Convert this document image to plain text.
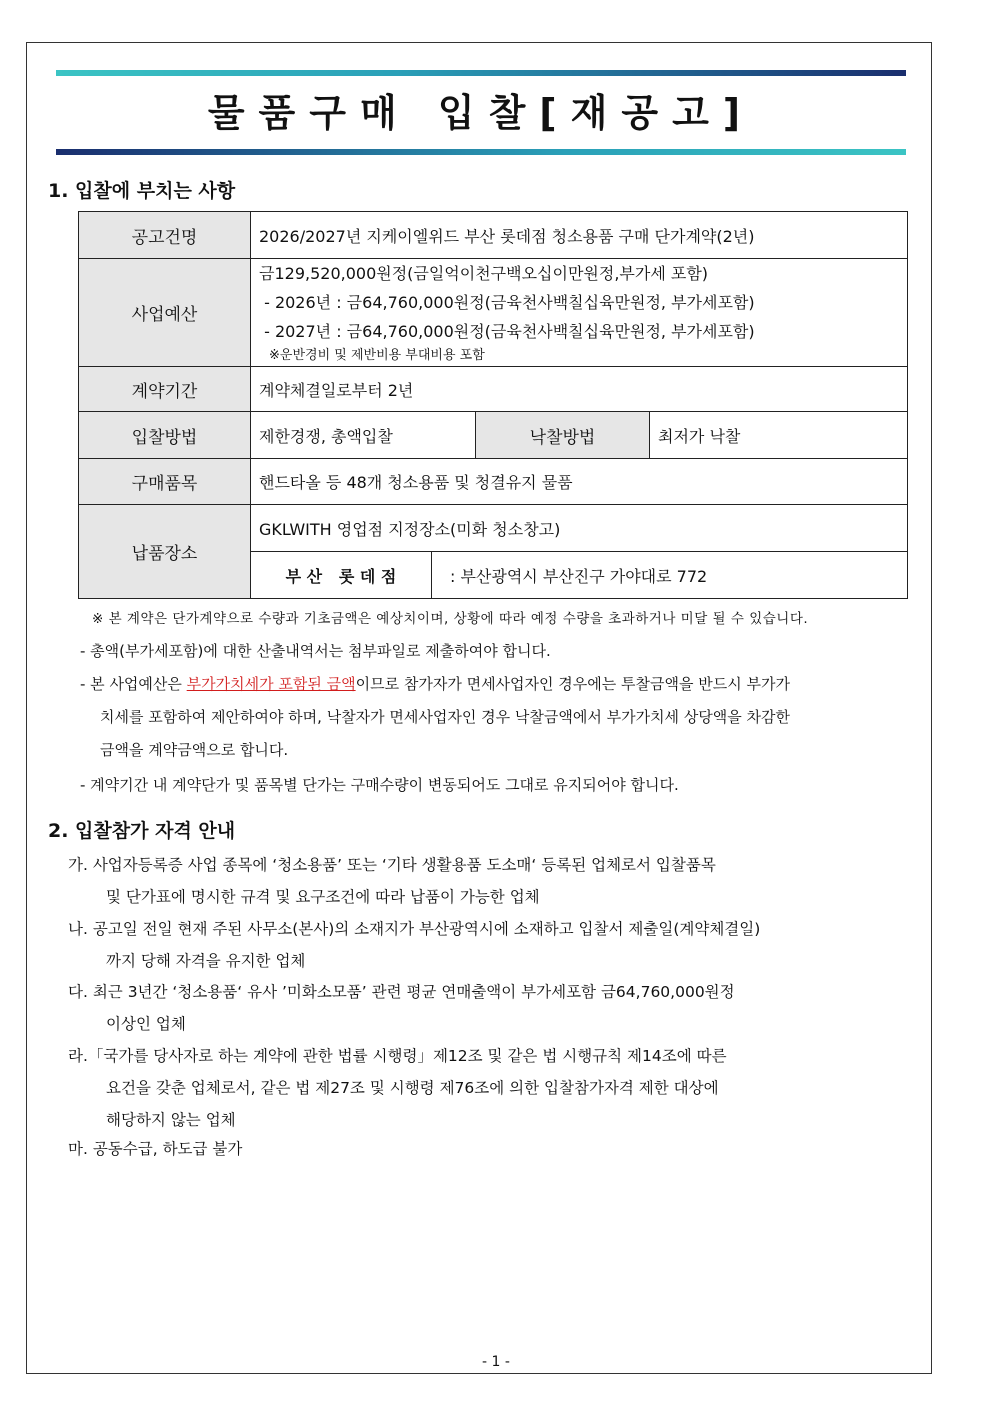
물품구매 입찰[재공고]
1. 입찰에 부치는 사항
공고건명	2026/2027년 지케이엘위드 부산 롯데점 청소용품 구매 단가계약(2년)		
사업예산	금129,520,000원정(금일억이천구백오십이만원정,부가세 포함)
- 2026년 : 금64,760,000원정(금육천사백칠십육만원정, 부가세포함)
- 2027년 : 금64,760,000원정(금육천사백칠십육만원정, 부가세포함)
※운반경비 및 제반비용 부대비용 포함		

계약기간	계약체결일로부터 2년		
입찰방법	제한경쟁, 총액입찰	낙찰방법	최저가 낙찰
구매품목	핸드타올 등 48개 청소용품 및 청결유지 물품		
납품장소	GKLWITH 영업점 지정장소(미화 청소창고)		

부 산   롯 데 점 : 부산광역시 부산진구 가야대로 772		
※ 본 계약은 단가계약으로 수량과 기초금액은 예상치이며, 상황에 따라 예정 수량을 초과하거나 미달 될 수 있습니다.
- 총액(부가세포함)에 대한 산출내역서는 첨부파일로 제출하여야 합니다.
- 본 사업예산은 부가가치세가 포함된 금액이므로 참가자가 면세사업자인 경우에는 투찰금액을 반드시 부가가
치세를 포함하여 제안하여야 하며, 낙찰자가 면세사업자인 경우 낙찰금액에서 부가가치세 상당액을 차감한
금액을 계약금액으로 합니다.
- 계약기간 내 계약단가 및 품목별 단가는 구매수량이 변동되어도 그대로 유지되어야 합니다.
2. 입찰참가 자격 안내
가. 사업자등록증 사업 종목에 ‘청소용품’ 또는 ‘기타 생활용품 도소매‘ 등록된 업체로서 입찰품목
및 단가표에 명시한 규격 및 요구조건에 따라 납품이 가능한 업체
나. 공고일 전일 현재 주된 사무소(본사)의 소재지가 부산광역시에 소재하고 입찰서 제출일(계약체결일)
까지 당해 자격을 유지한 업체
다. 최근 3년간 ‘청소용품‘ 유사 ’미화소모품’ 관련 평균 연매출액이 부가세포함 금64,760,000원정
이상인 업체
라.「국가를 당사자로 하는 계약에 관한 법률 시행령」제12조 및 같은 법 시행규칙 제14조에 따른
요건을 갖춘 업체로서, 같은 법 제27조 및 시행령 제76조에 의한 입찰참가자격 제한 대상에
해당하지 않는 업체
마. 공동수급, 하도급 불가
- 1 -
